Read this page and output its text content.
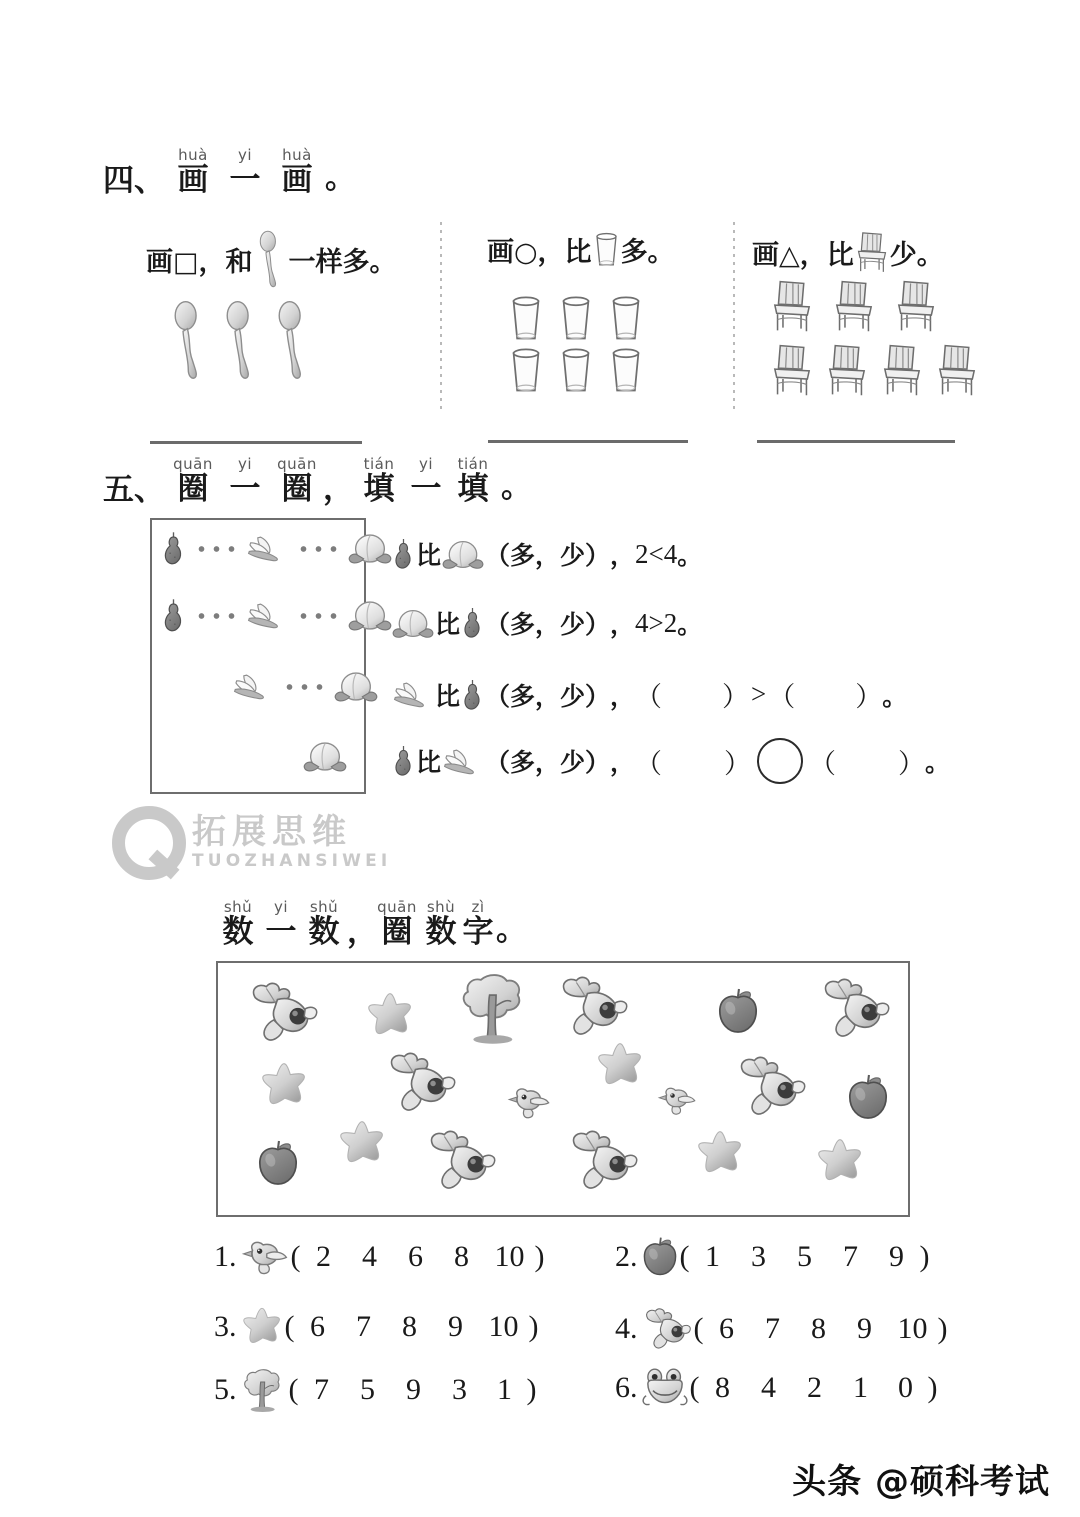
四、
huà	yi	huà
画 一 画 。
画□，和 一样多。	画○，比 多。	画△，比 少。
五、
quān	yi	quān	tián	yi	tián
圈 一 圈 ， 填 一 填 。
比 （多，少） ， 2<4 。
比 （多，少） ， 4>2 。
比 （多，少） ， （ ） > （ ） 。
比 （多，少） ， （ ） （ ） 。
拓展思维
TUOZHANSIWEI
shǔ	yi	shǔ	quān shù	zì
数 一 数 ， 圈 数 字 。
1. ( 2 4 6 8 10 ) 2. ( 1 3 5 7 9 )
3. ( 6 7 8 9 10 )	4. ( 6 7 8 9 10 )
5. ( 7 5 9 3 1 )	6. ( 8 4 2 1 0 )
头条 @硕科考试
